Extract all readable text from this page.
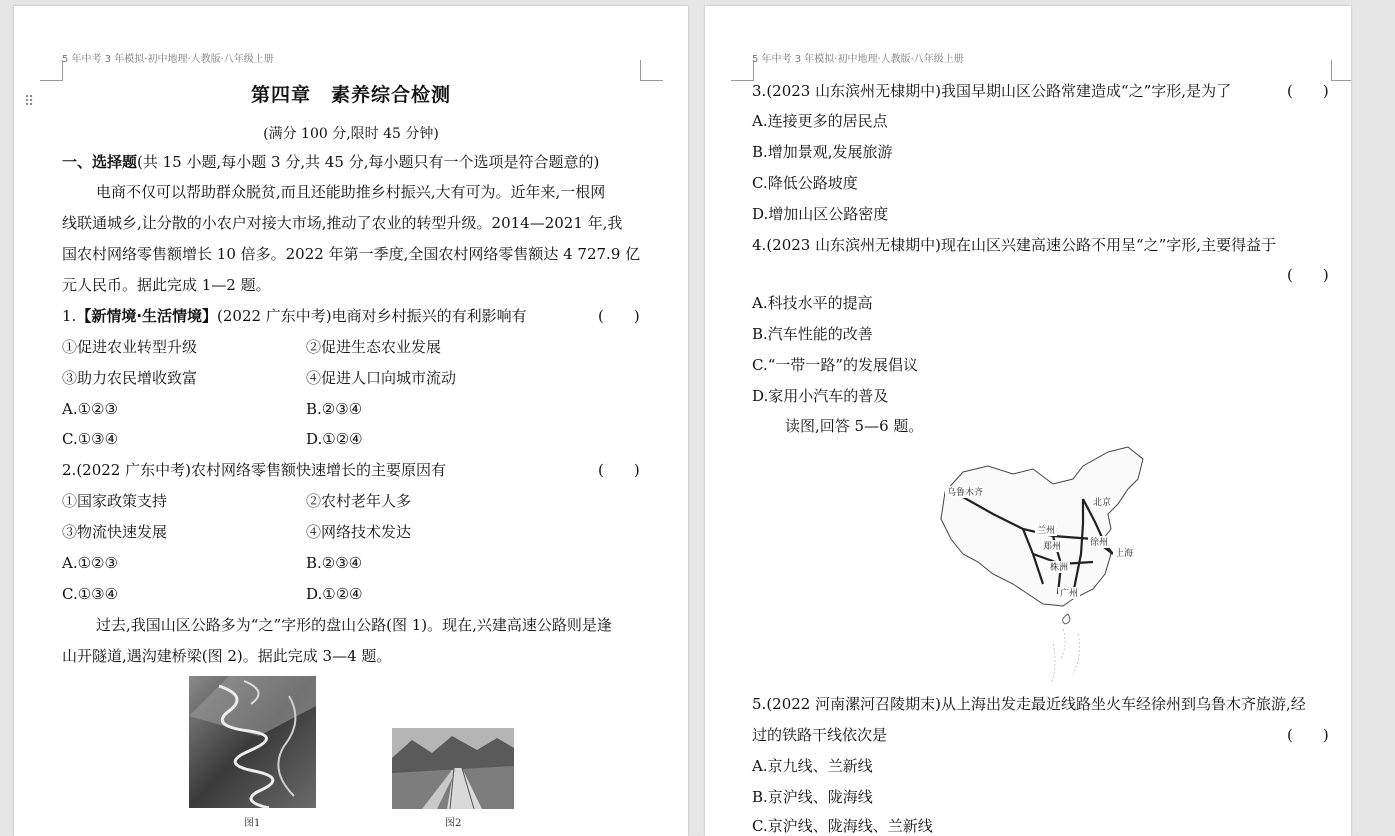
5 年中考 3 年模拟·初中地理·人教版·八年级上册
第四章　素养综合检测
(满分 100 分,限时 45 分钟)
一、选择题(共 15 小题,每小题 3 分,共 45 分,每小题只有一个选项是符合题意的)
电商不仅可以帮助群众脱贫,而且还能助推乡村振兴,大有可为。近年来,一根网
线联通城乡,让分散的小农户对接大市场,推动了农业的转型升级。2014—2021 年,我
国农村网络零售额增长 10 倍多。2022 年第一季度,全国农村网络零售额达 4 727.9 亿
元人民币。据此完成 1—2 题。
1.【新情境·生活情境】(2022 广东中考)电商对乡村振兴的有利影响有	(　　)
①促进农业转型升级	②促进生态农业发展
③助力农民增收致富	④促进人口向城市流动
A.①②③	B.②③④
C.①③④	D.①②④
2.(2022 广东中考)农村网络零售额快速增长的主要原因有	(　　)
①国家政策支持	②农村老年人多
③物流快速发展	④网络技术发达
A.①②③	B.②③④
C.①③④	D.①②④
过去,我国山区公路多为“之”字形的盘山公路(图 1)。现在,兴建高速公路则是逢
山开隧道,遇沟建桥梁(图 2)。据此完成 3—4 题。
图1	图2
⠿
5 年中考 3 年模拟·初中地理·人教版·八年级上册
3.(2023 山东滨州无棣期中)我国早期山区公路常建造成“之”字形,是为了	(　　)
A.连接更多的居民点
B.增加景观,发展旅游
C.降低公路坡度
D.增加山区公路密度
4.(2023 山东滨州无棣期中)现在山区兴建高速公路不用呈“之”字形,主要得益于
(　　)
A.科技水平的提高
B.汽车性能的改善
C.“一带一路”的发展倡议
D.家用小汽车的普及
读图,回答 5—6 题。
乌鲁木齐
北京
兰州
郑州	徐州
上海
株洲
广州
5.(2022 河南漯河召陵期末)从上海出发走最近线路坐火车经徐州到乌鲁木齐旅游,经
过的铁路干线依次是	(　　)
A.京九线、兰新线
B.京沪线、陇海线
C.京沪线、陇海线、兰新线
